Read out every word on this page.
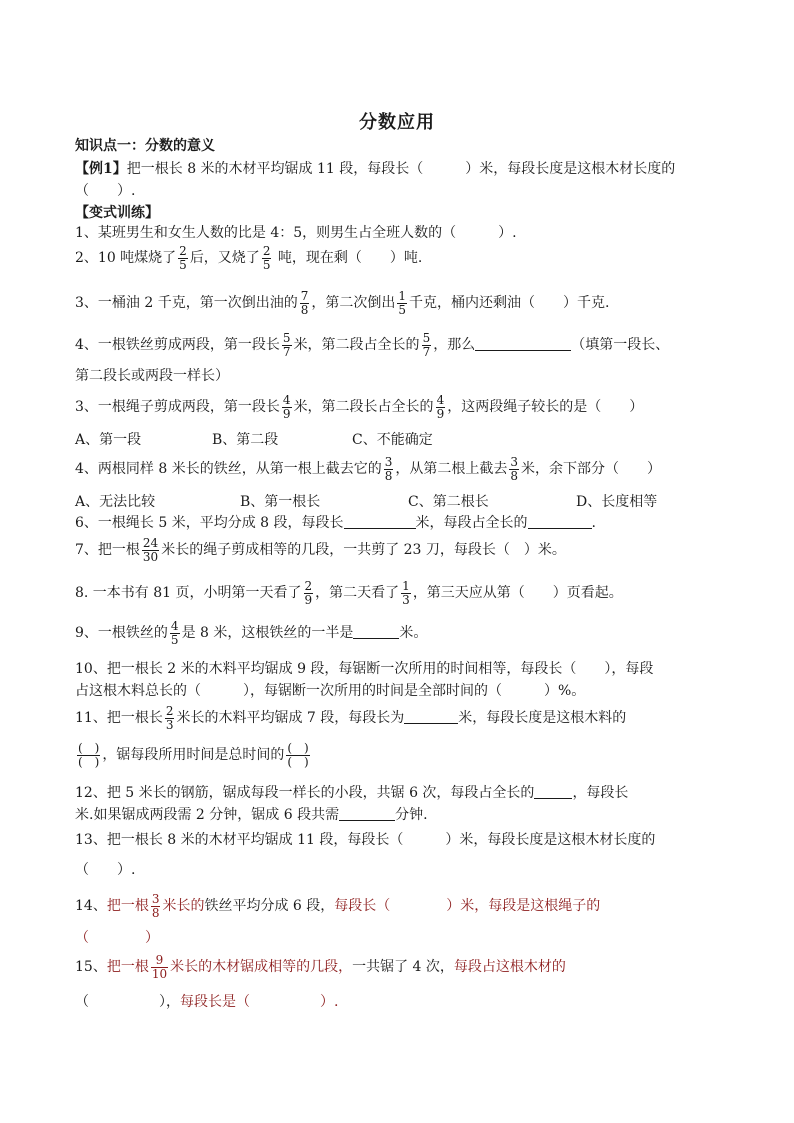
分数应用
知识点一：分数的意义
【例1】把一根长 8 米的木材平均锯成 11 段，每段长（　　　）米，每段长度是这根木材长度的
（　　）.
【变式训练】
1、某班男生和女生人数的比是 4：5，则男生占全班人数的（　　　）.
2、10 吨煤烧了 $\frac{2}{5}$ 后，又烧了 $\frac{2}{5}$ 吨，现在剩（　　）吨.
3、一桶油 2 千克，第一次倒出油的 $\frac{7}{8}$ ，第二次倒出 $\frac{1}{5}$ 千克，桶内还剩油（　　）千克.
4、一根铁丝剪成两段，第一段长 $\frac{5}{7}$ 米，第二段占全长的 $\frac{5}{7}$ ，那么	（填第一段长、
第二段长或两段一样长）
3、一根绳子剪成两段，第一段长 $\frac{4}{9}$ 米，第二段长占全长的 $\frac{4}{9}$ ，这两段绳子较长的是（　　）
A、第一段	B、第二段	C、不能确定
4、两根同样 8 米长的铁丝，从第一根上截去它的 $\frac{3}{8}$ ，从第二根上截去 $\frac{3}{8}$ 米，余下部分（　　）
A、无法比较	B、第一根长	C、第二根长	D、长度相等
6、一根绳长 5 米，平均分成 8 段，每段长	米，每段占全长的	.
7、把一根 $\frac{24}{30}$ 米长的绳子剪成相等的几段，一共剪了 23 刀，每段长（　）米。
8. 一本书有 81 页，小明第一天看了 $\frac{2}{9}$ ，第二天看了 $\frac{1}{3}$ ，第三天应从第（　　）页看起。
9、一根铁丝的 $\frac{4}{5}$ 是 8 米，这根铁丝的一半是	米。
10、把一根长 2 米的木料平均锯成 9 段，每锯断一次所用的时间相等，每段长（　　），每段
占这根木料总长的（　　　），每锯断一次所用的时间是全部时间的（　　　）%。
11、把一根长 $\frac{2}{3}$ 米长的木料平均锯成 7 段，每段长为	米，每段长度是这根木料的
$\frac{( )}{( )}$ ，锯每段所用时间是总时间的 $\frac{( )}{( )}$
12、把 5 米长的钢筋，锯成每段一样长的小段，共锯 6 次，每段占全长的	，每段长
米.如果锯成两段需 2 分钟，锯成 6 段共需	分钟.
13、把一根长 8 米的木材平均锯成 11 段，每段长（　　　）米，每段长度是这根木材长度的
（　　）.
14、把一根 $\frac{3}{8}$ 米长的铁丝平均分成 6 段，每段长（　　　　）米，每段是这根绳子的
（　　　　）
15、把一根 $\frac{9}{10}$ 米长的木材锯成相等的几段，一共锯了 4 次，每段占这根木材的
（　　　　　），每段长是（　　　　　）.
